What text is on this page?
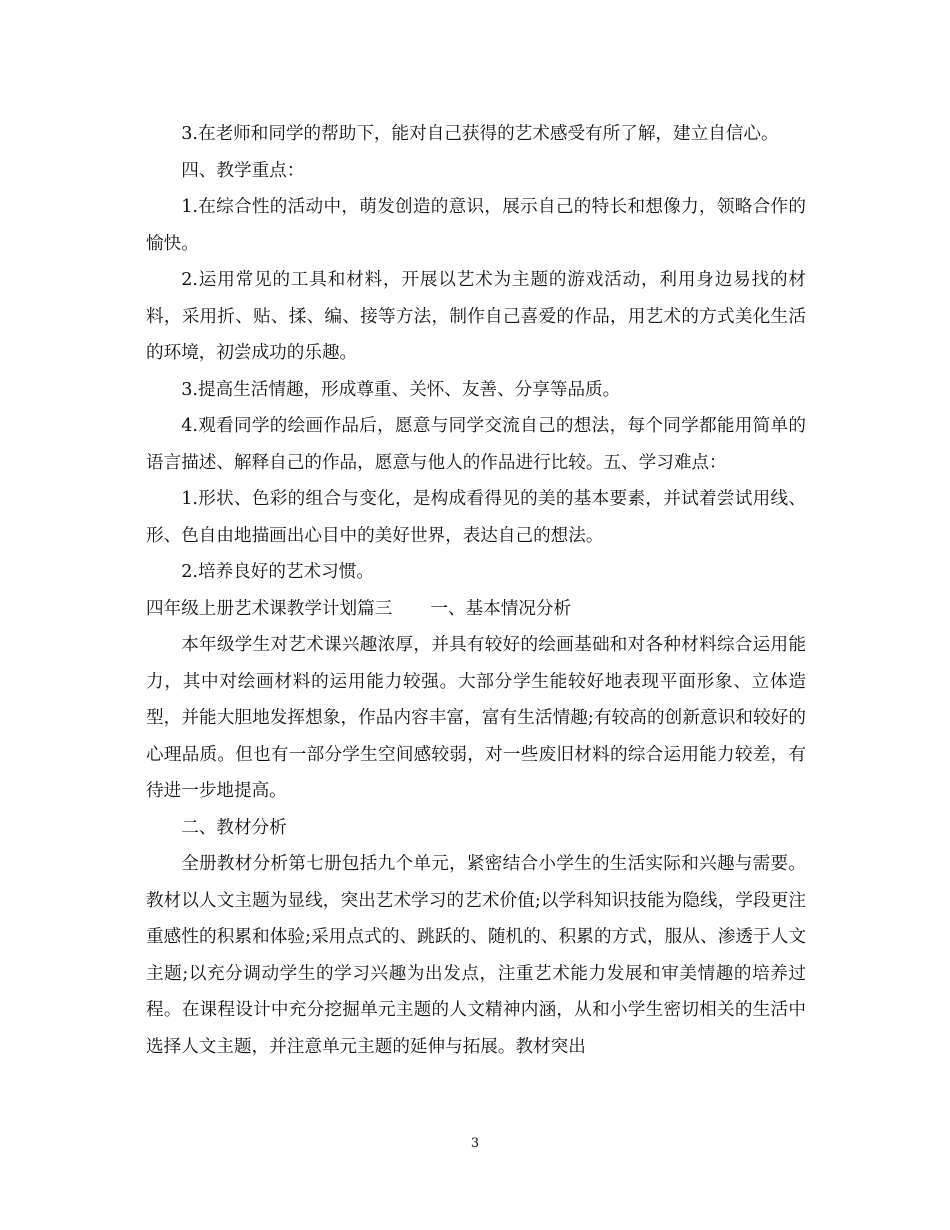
3.在老师和同学的帮助下，能对自己获得的艺术感受有所了解，建立自信心。

四、教学重点：

1.在综合性的活动中，萌发创造的意识，展示自己的特长和想像力，领略合作的愉快。

2.运用常见的工具和材料，开展以艺术为主题的游戏活动，利用身边易找的材料，采用折、贴、揉、编、接等方法，制作自己喜爱的作品，用艺术的方式美化生活的环境，初尝成功的乐趣。

3.提高生活情趣，形成尊重、关怀、友善、分享等品质。

4.观看同学的绘画作品后，愿意与同学交流自己的想法，每个同学都能用简单的语言描述、解释自己的作品，愿意与他人的作品进行比较。五、学习难点：

1.形状、色彩的组合与变化，是构成看得见的美的基本要素，并试着尝试用线、形、色自由地描画出心目中的美好世界，表达自己的想法。

2.培养良好的艺术习惯。

四年级上册艺术课教学计划篇三 一、基本情况分析

本年级学生对艺术课兴趣浓厚，并具有较好的绘画基础和对各种材料综合运用能力，其中对绘画材料的运用能力较强。大部分学生能较好地表现平面形象、立体造型，并能大胆地发挥想象，作品内容丰富，富有生活情趣;有较高的创新意识和较好的心理品质。但也有一部分学生空间感较弱，对一些废旧材料的综合运用能力较差，有待进一步地提高。

二、教材分析

全册教材分析第七册包括九个单元，紧密结合小学生的生活实际和兴趣与需要。教材以人文主题为显线，突出艺术学习的艺术价值;以学科知识技能为隐线，学段更注重感性的积累和体验;采用点式的、跳跃的、随机的、积累的方式，服从、渗透于人文主题;以充分调动学生的学习兴趣为出发点，注重艺术能力发展和审美情趣的培养过程。在课程设计中充分挖掘单元主题的人文精神内涵，从和小学生密切相关的生活中选择人文主题，并注意单元主题的延伸与拓展。教材突出

3
